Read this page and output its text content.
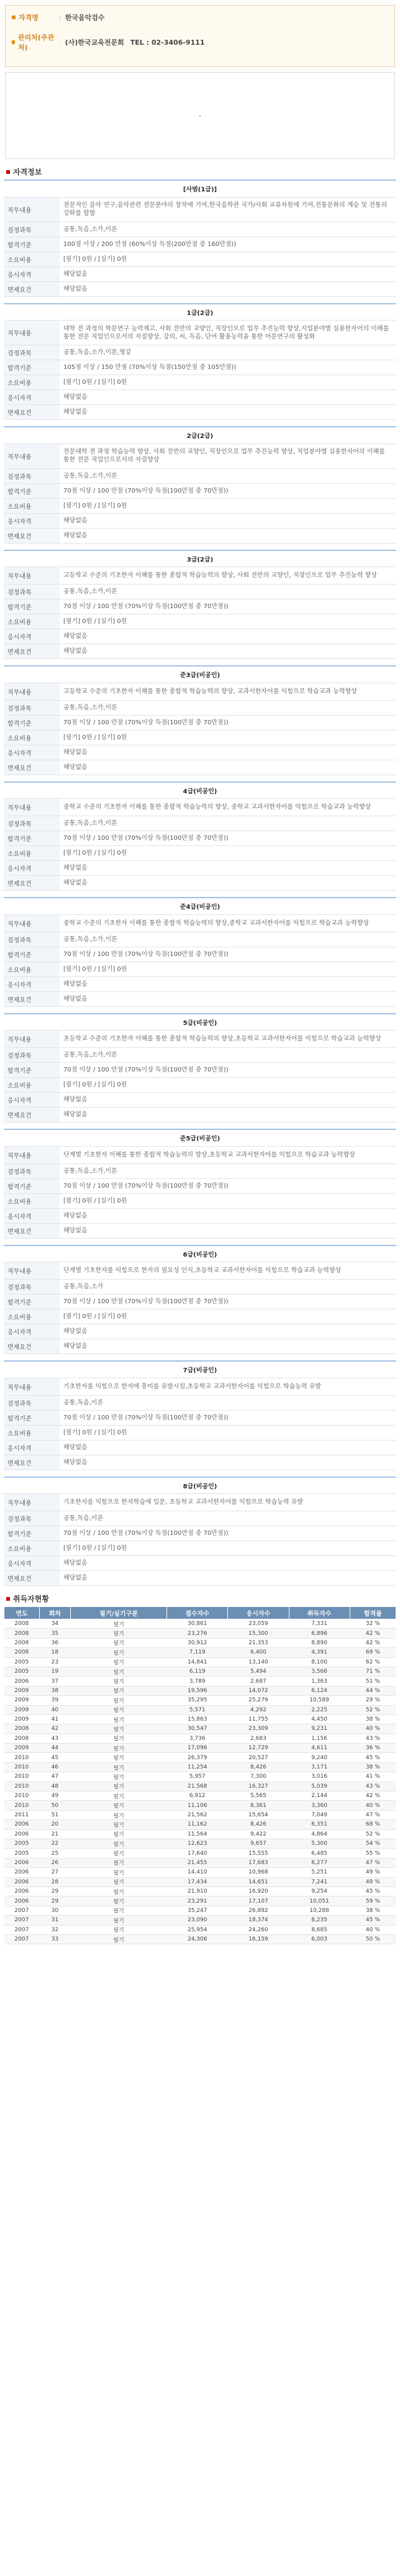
자격명	| 한국음악검수
관리처(주관처)
: (사)한국교육전문회 TEL : 02-3406-9111
-
자격정보
[사범(1급)]	
직무내용	전문적인 음악 연구,음악관련 전문분야의 창작에 기여,한국음학관 국가/사회 교류차원에 기여,전통문화의 계승 및 전통의 강화를 할함
검정과목	공통,독음,소가,이론
합격기준	100점 이상 / 200 만점 (60%이상 득점(200만점 중 160만점))
소요비용	[필기] 0원 / [실기] 0원
응시자격	해당없음
면제요건	해당없음
1급(2급)	
직무내용	대학 전 과정의 학문연구 능력제고, 사회 전반의 교양인, 직장인으로 업무 추진능력 향상,지업분야별 실용한자어의 이해를 통한 전문 직업인으로서의 자질향상, 강의, 씨, 독음, 단어 활용능력을 통한 어문연구의 활성화
검정과목	공통,독음,소가,이론,영강
합격기준	105점 이상 / 150 만점 (70%이상 득점(150만점 중 105만점))
소요비용	[필기] 0원 / [실기] 0원
응시자격	해당없음
면제요건	해당없음
2급(2급)	
직무내용	전문대학 전 과정 학습능력 향상, 사회 전반의 교양인, 직장인으로 업무 추진능력 향상, 직업분야별 실용한자어의 이해를 통한 전문 직업인으로서의 자질향상
검정과목	공통,독음,소가,이론
합격기준	70점 이상 / 100 만점 (70%이상 득점(100만점 중 70만점))
소요비용	[필기] 0원 / [실기] 0원
응시자격	해당없음
면제요건	해당없음
3급(2급)	
직무내용	고등학교 수준의 기초한자 이해를 통한 종합적 학습능력의 향상, 사회 전반의 교양인, 직장인으로 업무 추진능력 향상
검정과목	공통,독음,소가,이론
합격기준	70점 이상 / 100 만점 (70%이상 득점(100만점 중 70만점))
소요비용	[필기] 0원 / [실기] 0원
응시자격	해당없음
면제요건	해당없음
준3급(비공인)	
직무내용	고등학교 수준의 기초한자 이해를 통한 종합적 학습능력의 향상, 교과서한자어를 익힘으로 학습교과 능력향상
검정과목	공통,독음,소가,이론
합격기준	70점 이상 / 100 만점 (70%이상 득점(100만점 중 70만점))
소요비용	[필기] 0원 / [실기] 0원
응시자격	해당없음
면제요건	해당없음
4급(비공인)	
직무내용	중학교 수준의 기초한자 이해를 통한 종합적 학습능력의 향상, 중학교 교과서한자어를 익힘으로 학습교과 능력향상
검정과목	공통,독음,소가,이론
합격기준	70점 이상 / 100 만점 (70%이상 득점(100만점 중 70만점))
소요비용	[필기] 0원 / [실기] 0원
응시자격	해당없음
면제요건	해당없음
준4급(비공인)	
직무내용	중학교 수준의 기초한자 이해를 통한 종합적 학습능력의 향상,중학교 교과서한자어를 익힘으로 학습교과 능력향상
검정과목	공통,독음,소가,이론
합격기준	70점 이상 / 100 만점 (70%이상 득점(100만점 중 70만점))
소요비용	[필기] 0원 / [실기] 0원
응시자격	해당없음
면제요건	해당없음
5급(비공인)	
직무내용	초등학교 수준의 기초한자 이해를 통한 종합적 학습능력의 향상,초등학교 교과서한자어를 익힘으로 학습교과 능력향상
검정과목	공통,독음,소가,이론
합격기준	70점 이상 / 100 만점 (70%이상 득점(100만점 중 70만점))
소요비용	[필기] 0원 / [실기] 0원
응시자격	해당없음
면제요건	해당없음
준5급(비공인)	
직무내용	단계별 기초한자 이해를 통한 종합적 학습능력의 향상,초등학교 교과서한자어를 익힘으로 학습교과 능력향상
검정과목	공통,독음,소가,이론
합격기준	70점 이상 / 100 만점 (70%이상 득점(100만점 중 70만점))
소요비용	[필기] 0원 / [실기] 0원
응시자격	해당없음
면제요건	해당없음
6급(비공인)	
직무내용	단계별 기초한자를 익힘으로 한자의 필요성 인식,초등학교 교과서한자어를 익힘으로 학습교과 능력향상
검정과목	공통,독음,소가
합격기준	70점 이상 / 100 만점 (70%이상 득점(100만점 중 70만점))
소요비용	[필기] 0원 / [실기] 0원
응시자격	해당없음
면제요건	해당없음
7급(비공인)	
직무내용	기초한자를 익힘으로 한자에 흥미를 유발시킴,초등학교 교과서한자어를 익힘으로 학습능력 유발
검정과목	공통,독음,이론
합격기준	70점 이상 / 100 만점 (70%이상 득점(100만점 중 70만점))
소요비용	[필기] 0원 / [실기] 0원
응시자격	해당없음
면제요건	해당없음
8급(비공인)	
직무내용	기초한자를 익힘으로 한자학습에 입문, 초등학교 교과서한자어를 익힘으로 학습능력 유발
검정과목	공통,독음,이론
합격기준	70점 이상 / 100 만점 (70%이상 득점(100만점 중 70만점))
소요비용	[필기] 0원 / [실기] 0원
응시자격	해당없음
면제요건	해당없음
취득자현황
연도	회차	필기/실기구분	접수자수	응시자수	취득자수	합격률
2008	34	필기	30,861	23,059	7,331	32 %
2008	35	필기	23,276	15,300	6,896	42 %
2008	36	필기	30,912	21,353	8,890	42 %
2008	18	필기	7,119	6,400	4,391	69 %
2005	23	필기	14,841	13,140	8,100	62 %
2005	19	필기	6,119	5,494	3,566	71 %
2006	37	필기	3,789	2,687	1,363	51 %
2009	38	필기	19,596	14,072	6,124	44 %
2009	39	필기	35,295	25,279	10,589	29 %
2009	40	필기	5,571	4,292	2,225	52 %
2009	41	필기	15,863	11,755	4,450	38 %
2008	42	필기	30,547	23,309	9,231	40 %
2008	43	필기	3,736	2,683	1,156	43 %
2009	44	필기	17,096	12,729	4,611	36 %
2010	45	필기	26,379	20,527	9,240	45 %
2010	46	필기	11,254	8,426	3,171	38 %
2010	47	필기	5,957	7,300	3,016	41 %
2010	48	필기	21,568	16,327	5,039	43 %
2010	49	필기	6,912	5,565	2,144	42 %
2010	50	필기	11,106	8,361	3,360	40 %
2011	51	필기	21,562	15,654	7,049	47 %
2006	20	필기	11,162	8,426	6,351	68 %
2006	21	필기	11,564	9,422	4,864	52 %
2005	22	필기	12,623	9,657	5,300	54 %
2005	25	필기	17,640	15,555	6,485	55 %
2006	26	필기	21,455	17,683	6,277	47 %
2006	27	필기	14,410	10,968	5,251	49 %
2006	28	필기	17,434	14,651	7,241	49 %
2006	29	필기	21,910	16,920	9,254	45 %
2006	29	필기	23,291	17,107	10,051	59 %
2007	30	필기	35,247	26,892	10,288	38 %
2007	31	필기	23,090	18,374	8,235	45 %
2007	32	필기	25,954	24,260	8,685	40 %
2007	33	필기	24,306	16,159	6,003	50 %
